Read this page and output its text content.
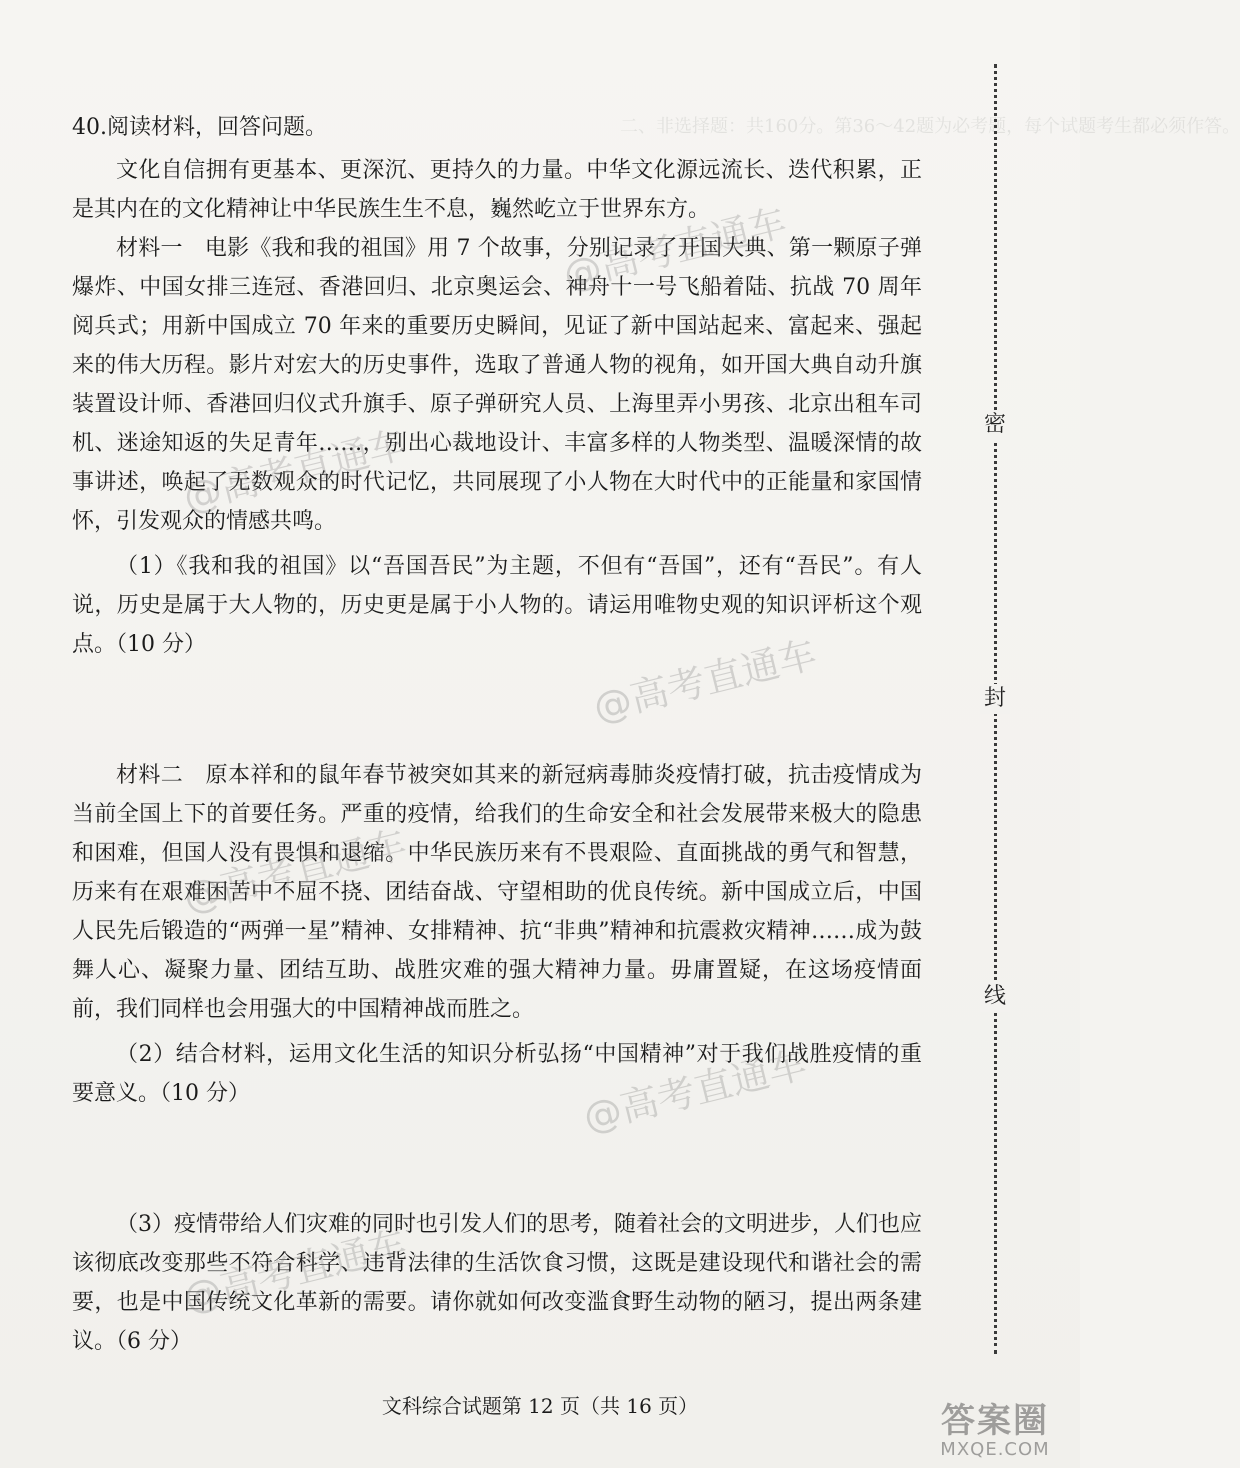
二、非选择题：共160分。第36～42题为必考题，每个试题考生都必须作答。

40.阅读材料，回答问题。

文化自信拥有更基本、更深沉、更持久的力量。中华文化源远流长、迭代积累，正是其内在的文化精神让中华民族生生不息，巍然屹立于世界东方。

材料一　电影《我和我的祖国》用 7 个故事，分别记录了开国大典、第一颗原子弹爆炸、中国女排三连冠、香港回归、北京奥运会、神舟十一号飞船着陆、抗战 70 周年阅兵式；用新中国成立 70 年来的重要历史瞬间，见证了新中国站起来、富起来、强起来的伟大历程。影片对宏大的历史事件，选取了普通人物的视角，如开国大典自动升旗装置设计师、香港回归仪式升旗手、原子弹研究人员、上海里弄小男孩、北京出租车司机、迷途知返的失足青年……，别出心裁地设计、丰富多样的人物类型、温暖深情的故事讲述，唤起了无数观众的时代记忆，共同展现了小人物在大时代中的正能量和家国情怀，引发观众的情感共鸣。

（1）《我和我的祖国》以“吾国吾民”为主题，不但有“吾国”，还有“吾民”。有人说，历史是属于大人物的，历史更是属于小人物的。请运用唯物史观的知识评析这个观点。（10 分）

材料二　原本祥和的鼠年春节被突如其来的新冠病毒肺炎疫情打破，抗击疫情成为当前全国上下的首要任务。严重的疫情，给我们的生命安全和社会发展带来极大的隐患和困难，但国人没有畏惧和退缩。中华民族历来有不畏艰险、直面挑战的勇气和智慧，历来有在艰难困苦中不屈不挠、团结奋战、守望相助的优良传统。新中国成立后，中国人民先后锻造的“两弹一星”精神、女排精神、抗“非典”精神和抗震救灾精神……成为鼓舞人心、凝聚力量、团结互助、战胜灾难的强大精神力量。毋庸置疑，在这场疫情面前，我们同样也会用强大的中国精神战而胜之。

（2）结合材料，运用文化生活的知识分析弘扬“中国精神”对于我们战胜疫情的重要意义。（10 分）

（3）疫情带给人们灾难的同时也引发人们的思考，随着社会的文明进步，人们也应该彻底改变那些不符合科学、违背法律的生活饮食习惯，这既是建设现代和谐社会的需要，也是中国传统文化革新的需要。请你就如何改变滥食野生动物的陋习，提出两条建议。（6 分）

密
封
线
@高考直通车
@高考直通车
@高考直通车
@高考直通车
@高考直通车
@高考直通车
文科综合试题第 12 页（共 16 页）	答案圈
MXQE.COM
